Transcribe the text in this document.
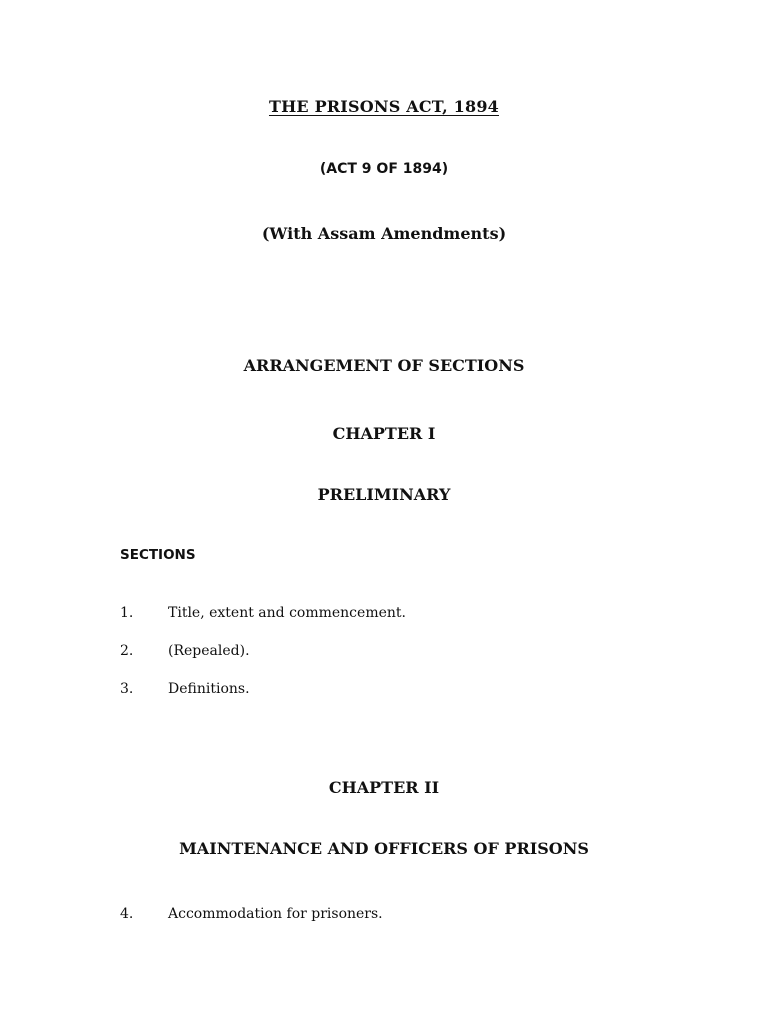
THE PRISONS ACT, 1894
(ACT 9 OF 1894)
(With Assam Amendments)
ARRANGEMENT OF SECTIONS
CHAPTER I
PRELIMINARY
SECTIONS
1. Title, extent and commencement.
2. (Repealed).
3. Definitions.
CHAPTER II
MAINTENANCE AND OFFICERS OF PRISONS
4. Accommodation for prisoners.
